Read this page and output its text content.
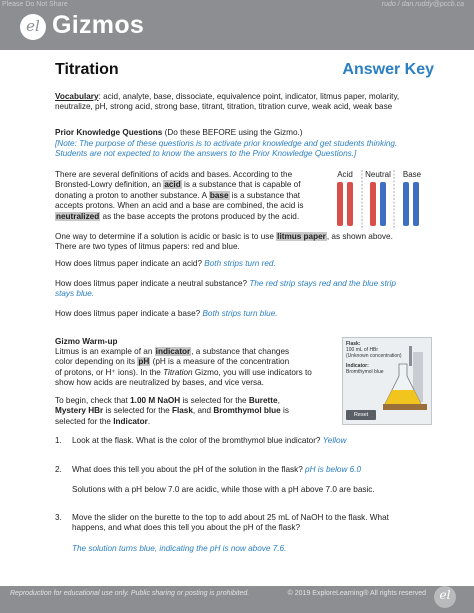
Please Do Not Share	rudo / dan.ruddy@pccb.ca
el Gizmos
Titration	Answer Key
Vocabulary: acid, analyte, base, dissociate, equivalence point, indicator, litmus paper, molarity,
neutralize, pH, strong acid, strong base, titrant, titration, titration curve, weak acid, weak base
Prior Knowledge Questions (Do these BEFORE using the Gizmo.)
[Note: The purpose of these questions is to activate prior knowledge and get students thinking.
Students are not expected to know the answers to the Prior Knowledge Questions.]
There are several definitions of acids and bases. According to the
Bronsted-Lowry definition, an acid is a substance that is capable of
donating a proton to another substance. A base is a substance that
accepts protons. When an acid and a base are combined, the acid is
neutralized as the base accepts the protons produced by the acid.
Acid Neutral Base
One way to determine if a solution is acidic or basic is to use litmus paper, as shown above.
There are two types of litmus papers: red and blue.
How does litmus paper indicate an acid? Both strips turn red.
How does litmus paper indicate a neutral substance? The red strip stays red and the blue strip
stays blue.
How does litmus paper indicate a base? Both strips turn blue.
Gizmo Warm-up
Litmus is an example of an indicator, a substance that changes
color depending on its pH (pH is a measure of the concentration
of protons, or H⁺ ions). In the Titration Gizmo, you will use indicators to
show how acids are neutralized by bases, and vice versa.
To begin, check that 1.00 M NaOH is selected for the Burette,
Mystery HBr is selected for the Flask, and Bromthymol blue is
selected for the Indicator.
Flask:
100 mL of HBr
(Unknown concentration)
Indicator:
Bromthymol blue
Reset
1. Look at the flask. What is the color of the bromthymol blue indicator? Yellow
2. What does this tell you about the pH of the solution in the flask? pH is below 6.0
Solutions with a pH below 7.0 are acidic, while those with a pH above 7.0 are basic.
3. Move the slider on the burette to the top to add about 25 mL of NaOH to the flask. What
happens, and what does this tell you about the pH of the flask?
The solution turns blue, indicating the pH is now above 7.6.
Reproduction for educational use only. Public sharing or posting is prohibited.	© 2019 ExploreLearning® All rights reserved	el
